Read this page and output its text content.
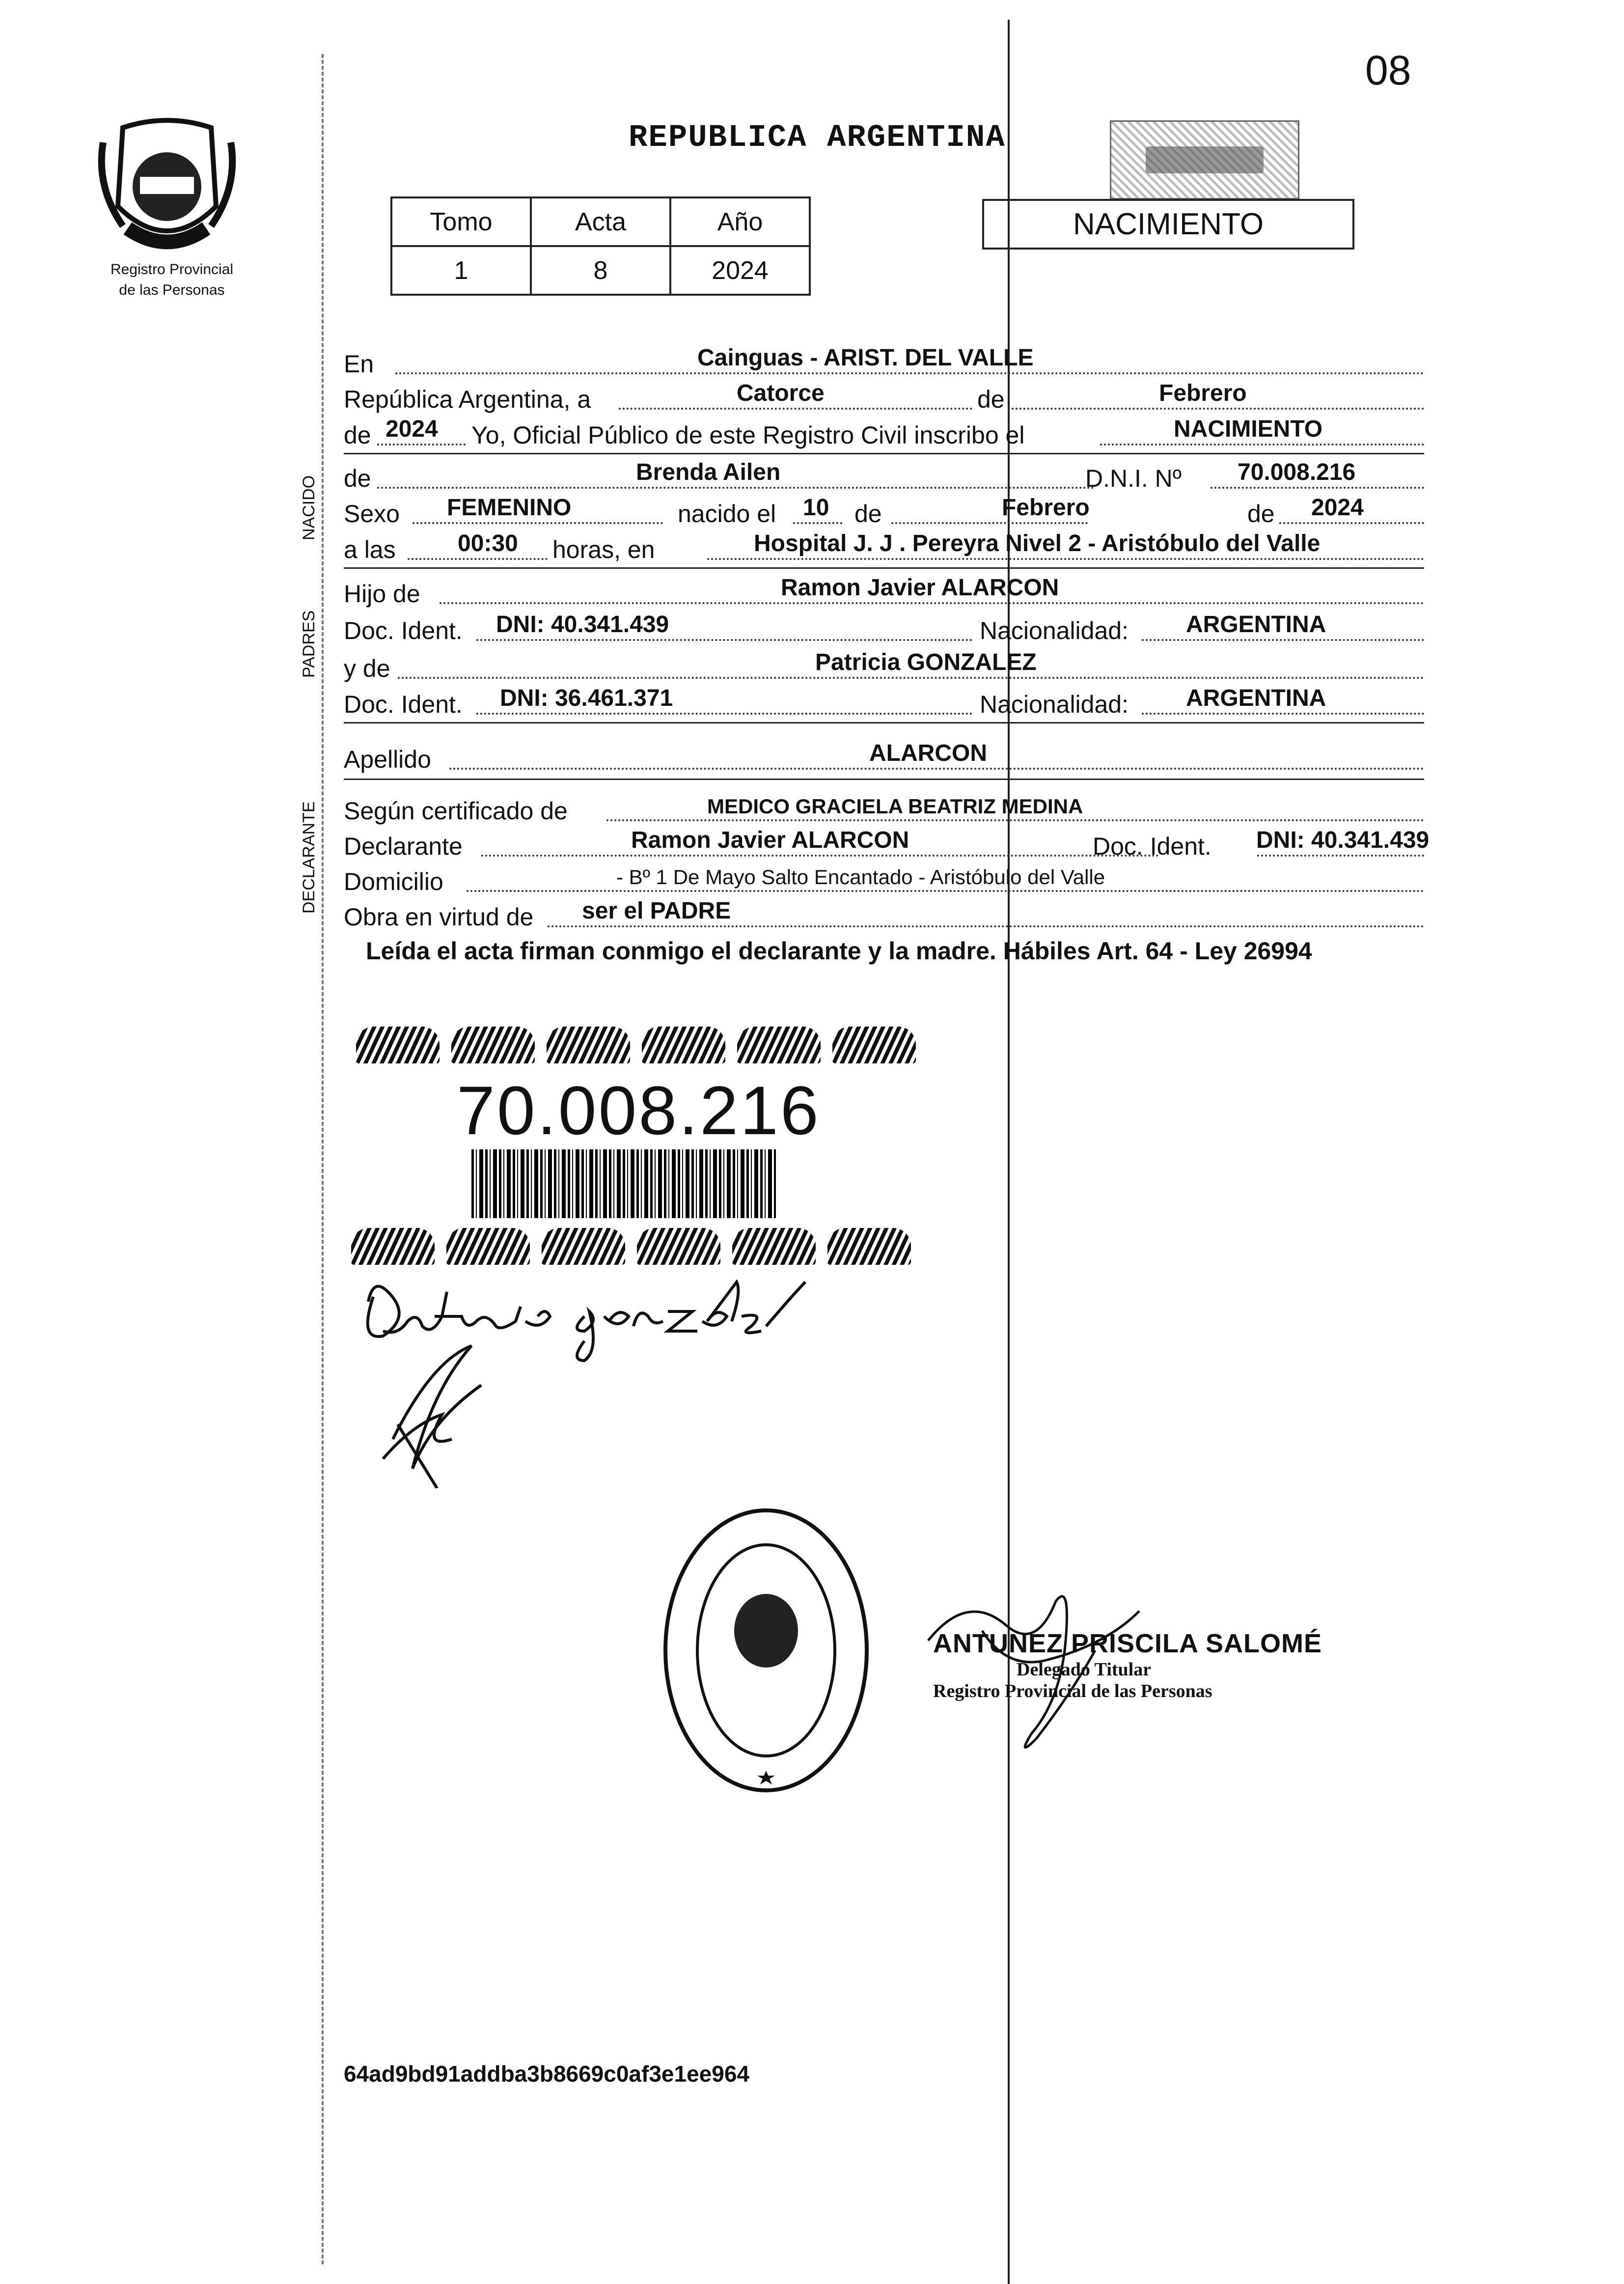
08
Registro Provincial
de las Personas
REPUBLICA ARGENTINA
Tomo	Acta	Año
1	8	2024
NACIMIENTO
NACIDO
PADRES
DECLARANTE
En	Cainguas - ARIST. DEL VALLE
República Argentina, a	Catorce	de	Febrero
de 2024 Yo, Oficial Público de este Registro Civil inscribo el	NACIMIENTO
de	Brenda Ailen	D.N.I. Nº 70.008.216
Sexo FEMENINO	nacido el 10 de	Febrero	de 2024
a las	00:30 horas, en	Hospital J. J . Pereyra Nivel 2 - Aristóbulo del Valle
Hijo de	Ramon Javier ALARCON
Doc. Ident. DNI: 40.341.439	Nacionalidad: ARGENTINA
y de	Patricia GONZALEZ
Doc. Ident. DNI: 36.461.371	Nacionalidad: ARGENTINA
Apellido	ALARCON
Según certificado de	MEDICO GRACIELA BEATRIZ MEDINA
Declarante	Ramon Javier ALARCON	Doc. Ident. DNI: 40.341.439
Domicilio	- Bº 1 De Mayo Salto Encantado - Aristóbulo del Valle
Obra en virtud de ser el PADRE
Leída el acta firman conmigo el declarante y la madre. Hábiles Art. 64 - Ley 26994
70.008.216
ANTUNEZ PRISCILA SALOMÉ
Delegado Titular
Registro Provincial de las Personas
64ad9bd91addba3b8669c0af3e1ee964
